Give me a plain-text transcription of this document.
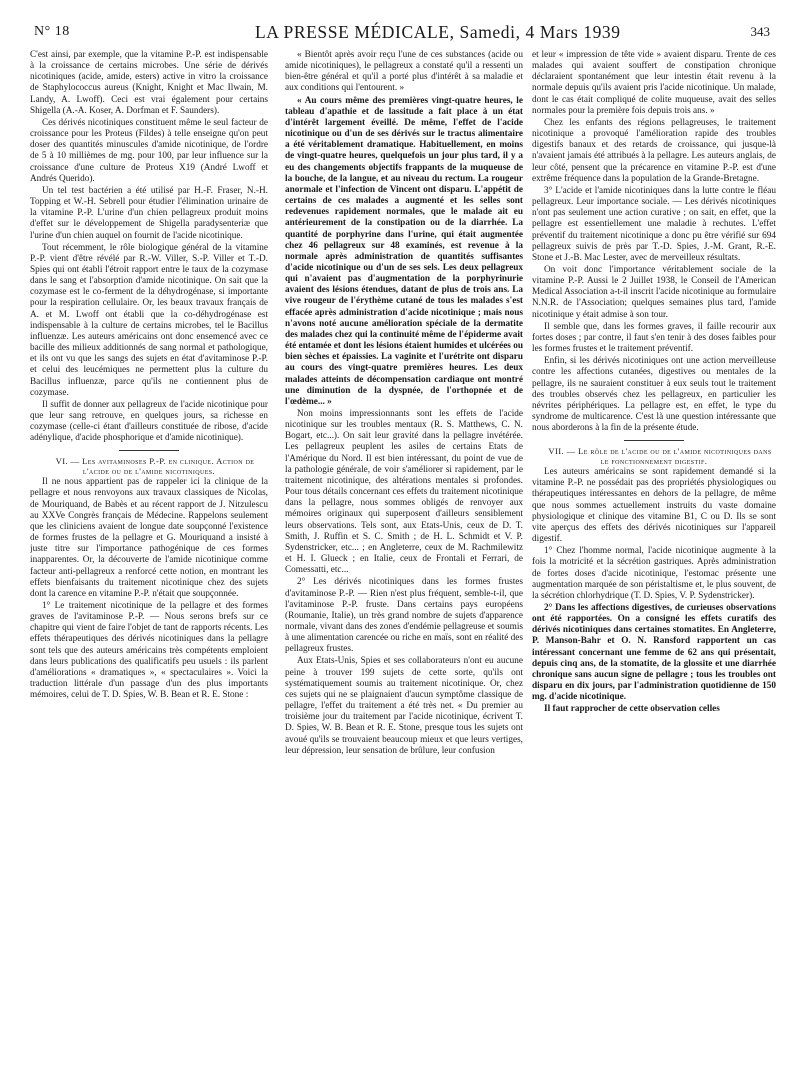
N° 18	LA PRESSE MÉDICALE, Samedi, 4 Mars 1939	343

C'est ainsi, par exemple, que la vitamine P.-P. est indispensable à la croissance de certains microbes. Une série de dérivés nicotiniques (acide, amide, esters) active in vitro la croissance de Staphylococcus aureus (Knight, Knight et Mac Ilwain, M. Landy, A. Lwoff). Ceci est vrai également pour certains Shigella (A.-A. Koser, A. Dorfman et F. Saunders).

Ces dérivés nicotiniques constituent même le seul facteur de croissance pour les Proteus (Fildes) à telle enseigne qu'on peut doser des quantités minuscules d'amide nicotinique, de l'ordre de 5 à 10 millièmes de mg. pour 100, par leur influence sur la croissance d'une culture de Proteus X19 (André Lwoff et Andrés Querido).

Un tel test bactérien a été utilisé par H.-F. Fraser, N.-H. Topping et W.-H. Sebrell pour étudier l'élimination urinaire de la vitamine P.-P. L'urine d'un chien pellagreux produit moins d'effet sur le développement de Shigella paradysenteriæ que l'urine d'un chien auquel on fournit de l'acide nicotinique.

Tout récemment, le rôle biologique général de la vitamine P.-P. vient d'être révélé par R.-W. Viller, S.-P. Viller et T.-D. Spies qui ont établi l'étroit rapport entre le taux de la cozymase dans le sang et l'absorption d'amide nicotinique. On sait que la cozymase est le co-ferment de la déhydrogénase, si importante pour la respiration cellulaire. Or, les beaux travaux français de A. et M. Lwoff ont établi que la co-déhydrogénase est indispensable à la culture de certains microbes, tel le Bacillus influenzæ. Les auteurs américains ont donc ensemencé avec ce bacille des milieux additionnés de sang normal et pathologique, et ils ont vu que les sangs des sujets en état d'avitaminose P.-P. et celui des leucémiques ne permettent plus la culture du Bacillus influenzæ, parce qu'ils ne contiennent plus de cozymase.

Il suffit de donner aux pellagreux de l'acide nicotinique pour que leur sang retrouve, en quelques jours, sa richesse en cozymase (celle-ci étant d'ailleurs constituée de ribose, d'acide adénylique, d'acide phosphorique et d'amide nicotinique).

VI. — Les avitaminoses P.-P. en clinique. Action de l'acide ou de l'amide nicotiniques.

Il ne nous appartient pas de rappeler ici la clinique de la pellagre et nous renvoyons aux travaux classiques de Nicolas, de Mouriquand, de Babès et au récent rapport de J. Nitzulescu au XXVe Congrès français de Médecine. Rappelons seulement que les cliniciens avaient de longue date soupçonné l'existence de formes frustes de la pellagre et G. Mouriquand a insisté à juste titre sur l'importance pathogénique de ces formes inapparentes. Or, la découverte de l'amide nicotinique comme facteur anti-pellagreux a renforcé cette notion, en montrant les effets bienfaisants du traitement nicotinique chez des sujets dont la carence en vitamine P.-P. n'était que soupçonnée.

1° Le traitement nicotinique de la pellagre et des formes graves de l'avitaminose P.-P. — Nous serons brefs sur ce chapitre qui vient de faire l'objet de tant de rapports récents. Les effets thérapeutiques des dérivés nicotiniques dans la pellagre sont tels que des auteurs américains très compétents emploient dans leurs publications des qualificatifs peu usuels : ils parlent d'améliorations « dramatiques », « spectaculaires ». Voici la traduction littérale d'un passage d'un des plus importants mémoires, celui de T. D. Spies, W. B. Bean et R. E. Stone :

« Bientôt après avoir reçu l'une de ces substances (acide ou amide nicotiniques), le pellagreux a constaté qu'il a ressenti un bien-être général et qu'il a porté plus d'intérêt à sa maladie et aux conditions qui l'entourent. »

« Au cours même des premières vingt-quatre heures, le tableau d'apathie et de lassitude a fait place à un état d'intérêt largement éveillé. De même, l'effet de l'acide nicotinique ou d'un de ses dérivés sur le tractus alimentaire a été véritablement dramatique. Habituellement, en moins de vingt-quatre heures, quelquefois un jour plus tard, il y a eu des changements objectifs frappants de la muqueuse de la bouche, de la langue, et au niveau du rectum. La rougeur anormale et l'infection de Vincent ont disparu. L'appétit de certains de ces malades a augmenté et les selles sont redevenues rapidement normales, que le malade ait eu antérieurement de la constipation ou de la diarrhée. La quantité de porphyrine dans l'urine, qui était augmentée chez 46 pellagreux sur 48 examinés, est revenue à la normale après administration de quantités suffisantes d'acide nicotinique ou d'un de ses sels. Les deux pellagreux qui n'avaient pas d'augmentation de la porphyrinurie avaient des lésions étendues, datant de plus de trois ans. La vive rougeur de l'érythème cutané de tous les malades s'est effacée après administration d'acide nicotinique ; mais nous n'avons noté aucune amélioration spéciale de la dermatite des malades chez qui la continuité même de l'épiderme avait été entamée et dont les lésions étaient humides et ulcérées ou bien sèches et épaissies. La vaginite et l'urétrite ont disparu au cours des vingt-quatre premières heures. Les deux malades atteints de décompensation cardiaque ont montré une diminution de la dyspnée, de l'orthopnée et de l'œdème... »

Non moins impressionnants sont les effets de l'acide nicotinique sur les troubles mentaux (R. S. Matthews, C. N. Bogart, etc...). On sait leur gravité dans la pellagre invétérée. Les pellagreux peuplent les asiles de certains Etats de l'Amérique du Nord. Il est bien intéressant, du point de vue de la pathologie générale, de voir s'améliorer si rapidement, par le traitement nicotinique, des altérations mentales si profondes. Pour tous détails concernant ces effets du traitement nicotinique dans la pellagre, nous sommes obligés de renvoyer aux mémoires originaux qui superposent d'ailleurs sensiblement leurs observations. Tels sont, aux Etats-Unis, ceux de D. T. Smith, J. Ruffin et S. C. Smith ; de H. L. Schmidt et V. P. Sydenstricker, etc... ; en Angleterre, ceux de M. Rachmilewitz et H. I. Glueck ; en Italie, ceux de Frontali et Ferrari, de Comessatti, etc...

2° Les dérivés nicotiniques dans les formes frustes d'avitaminose P.-P. — Rien n'est plus fréquent, semble-t-il, que l'avitaminose P.-P. fruste. Dans certains pays européens (Roumanie, Italie), un très grand nombre de sujets d'apparence normale, vivant dans des zones d'endémie pellagreuse et soumis à une alimentation carencée ou riche en maïs, sont en réalité des pellagreux frustes.

Aux Etats-Unis, Spies et ses collaborateurs n'ont eu aucune peine à trouver 199 sujets de cette sorte, qu'ils ont systématiquement soumis au traitement nicotinique. Or, chez ces sujets qui ne se plaignaient d'aucun symptôme classique de pellagre, l'effet du traitement a été très net. « Du premier au troisième jour du traitement par l'acide nicotinique, écrivent T. D. Spies, W. B. Bean et R. E. Stone, presque tous les sujets ont avoué qu'ils se trouvaient beaucoup mieux et que leurs vertiges, leur dépression, leur sensation de brûlure, leur confusion

et leur « impression de tête vide » avaient disparu. Trente de ces malades qui avaient souffert de constipation chronique déclaraient spontanément que leur intestin était revenu à la normale depuis qu'ils avaient pris l'acide nicotinique. Un malade, dont le cas était compliqué de colite muqueuse, avait des selles normales pour la première fois depuis trois ans. »

Chez les enfants des régions pellagreuses, le traitement nicotinique a provoqué l'amélioration rapide des troubles digestifs banaux et des retards de croissance, qui jusque-là n'avaient jamais été attribués à la pellagre. Les auteurs anglais, de leur côté, pensent que la précarence en vitamine P.-P. est d'une extrême fréquence dans la population de la Grande-Bretagne.

3° L'acide et l'amide nicotiniques dans la lutte contre le fléau pellagreux. Leur importance sociale. — Les dérivés nicotiniques n'ont pas seulement une action curative ; on sait, en effet, que la pellagre est essentiellement une maladie à rechutes. L'effet préventif du traitement nicotinique a donc pu être vérifié sur 694 pellagreux suivis de près par T.-D. Spies, J.-M. Grant, R.-E. Stone et J.-B. Mac Lester, avec de merveilleux résultats.

On voit donc l'importance véritablement sociale de la vitamine P.-P. Aussi le 2 Juillet 1938, le Conseil de l'American Medical Association a-t-il inscrit l'acide nicotinique au formulaire N.N.R. de l'Association; quelques semaines plus tard, l'amide nicotinique y était admise à son tour.

Il semble que, dans les formes graves, il faille recourir aux fortes doses ; par contre, il faut s'en tenir à des doses faibles pour les formes frustes et le traitement préventif.

Enfin, si les dérivés nicotiniques ont une action merveilleuse contre les affections cutanées, digestives ou mentales de la pellagre, ils ne sauraient constituer à eux seuls tout le traitement des troubles observés chez les pellagreux, en particulier les névrites périphériques. La pellagre est, en effet, le type du syndrome de multicarence. C'est là une question intéressante que nous aborderons à la fin de la présente étude.

VII. — Le rôle de l'acide ou de l'amide nicotiniques dans le fonctionnement digestif.

Les auteurs américains se sont rapidement demandé si la vitamine P.-P. ne possédait pas des propriétés physiologiques ou thérapeutiques intéressantes en dehors de la pellagre, de même que nous sommes actuellement instruits du vaste domaine physiologique et clinique des vitamine B1, C ou D. Ils se sont vite aperçus des effets des dérivés nicotiniques sur l'appareil digestif.

1° Chez l'homme normal, l'acide nicotinique augmente à la fois la motricité et la sécrétion gastriques. Après administration de fortes doses d'acide nicotinique, l'estomac présente une augmentation marquée de son péristaltisme et, le plus souvent, de la sécrétion chlorhydrique (T. D. Spies, V. P. Sydenstricker).

2° Dans les affections digestives, de curieuses observations ont été rapportées. On a consigné les effets curatifs des dérivés nicotiniques dans certaines stomatites. En Angleterre, P. Manson-Bahr et O. N. Ransford rapportent un cas intéressant concernant une femme de 62 ans qui présentait, depuis cinq ans, de la stomatite, de la glossite et une diarrhée chronique sans aucun signe de pellagre ; tous les troubles ont disparu en dix jours, par l'administration quotidienne de 150 mg. d'acide nicotinique.

Il faut rapprocher de cette observation celles
